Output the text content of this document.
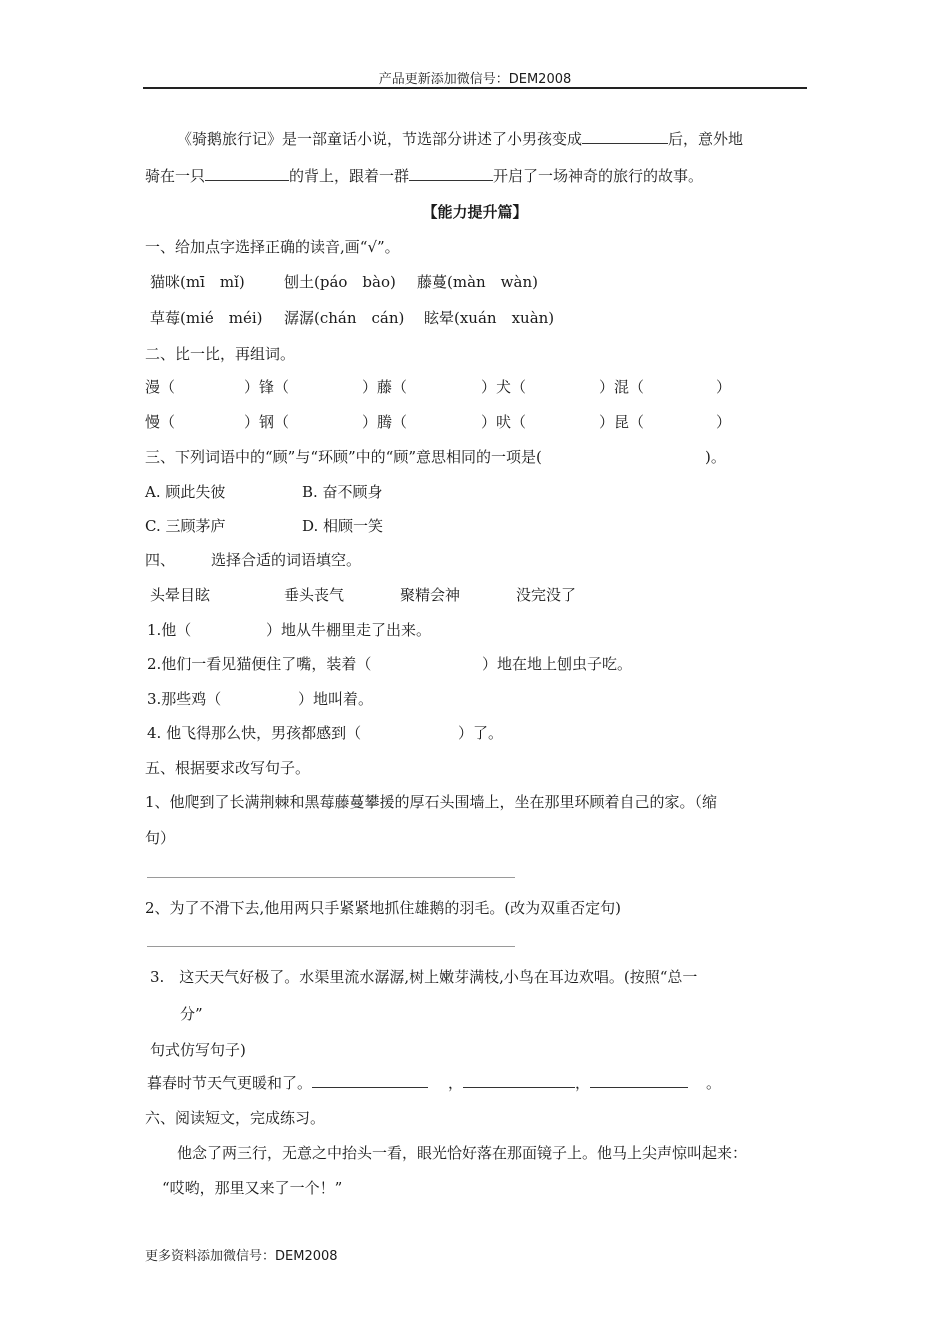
产品更新添加微信号：DEM2008
《骑鹅旅行记》是一部童话小说，节选部分讲述了小男孩变成	后，意外地
骑在一只	的背上，跟着一群	开启了一场神奇的旅行的故事。
【能力提升篇】
一、给加点字选择正确的读音,画“√”。
猫咪(mī　mǐ)	刨土(páo　bào) 藤蔓(màn　wàn)
草莓(mié　méi) 潺潺(chán　cán) 眩晕(xuán　xuàn)
二、比一比，再组词。
漫（	）锋（	）藤（	）犬（	）混（	）
慢（	）钢（	）腾（	）吠（	）昆（	）
三、下列词语中的“顾”与“环顾”中的“顾”意思相同的一项是(	)。
A. 顾此失彼	B. 奋不顾身
C. 三顾茅庐	D. 相顾一笑
四、 选择合适的词语填空。
头晕目眩	垂头丧气	聚精会神	没完没了
1.他（	）地从牛棚里走了出来。
2.他们一看见猫便住了嘴，装着（	）地在地上刨虫子吃。
3.那些鸡（	）地叫着。
4. 他飞得那么快，男孩都感到（	）了。
五、根据要求改写句子。
1、他爬到了长满荆棘和黑莓藤蔓攀援的厚石头围墙上，坐在那里环顾着自己的家。（缩
句）
2、为了不滑下去,他用两只手紧紧地抓住雄鹅的羽毛。(改为双重否定句)
3.　这天天气好极了。水渠里流水潺潺,树上嫩芽满枝,小鸟在耳边欢唱。(按照“总一
分”
句式仿写句子)
暮春时节天气更暖和了。	，	，	。
六、阅读短文，完成练习。
他念了两三行，无意之中抬头一看，眼光恰好落在那面镜子上。他马上尖声惊叫起来：
“哎哟，那里又来了一个！”
更多资料添加微信号：DEM2008
